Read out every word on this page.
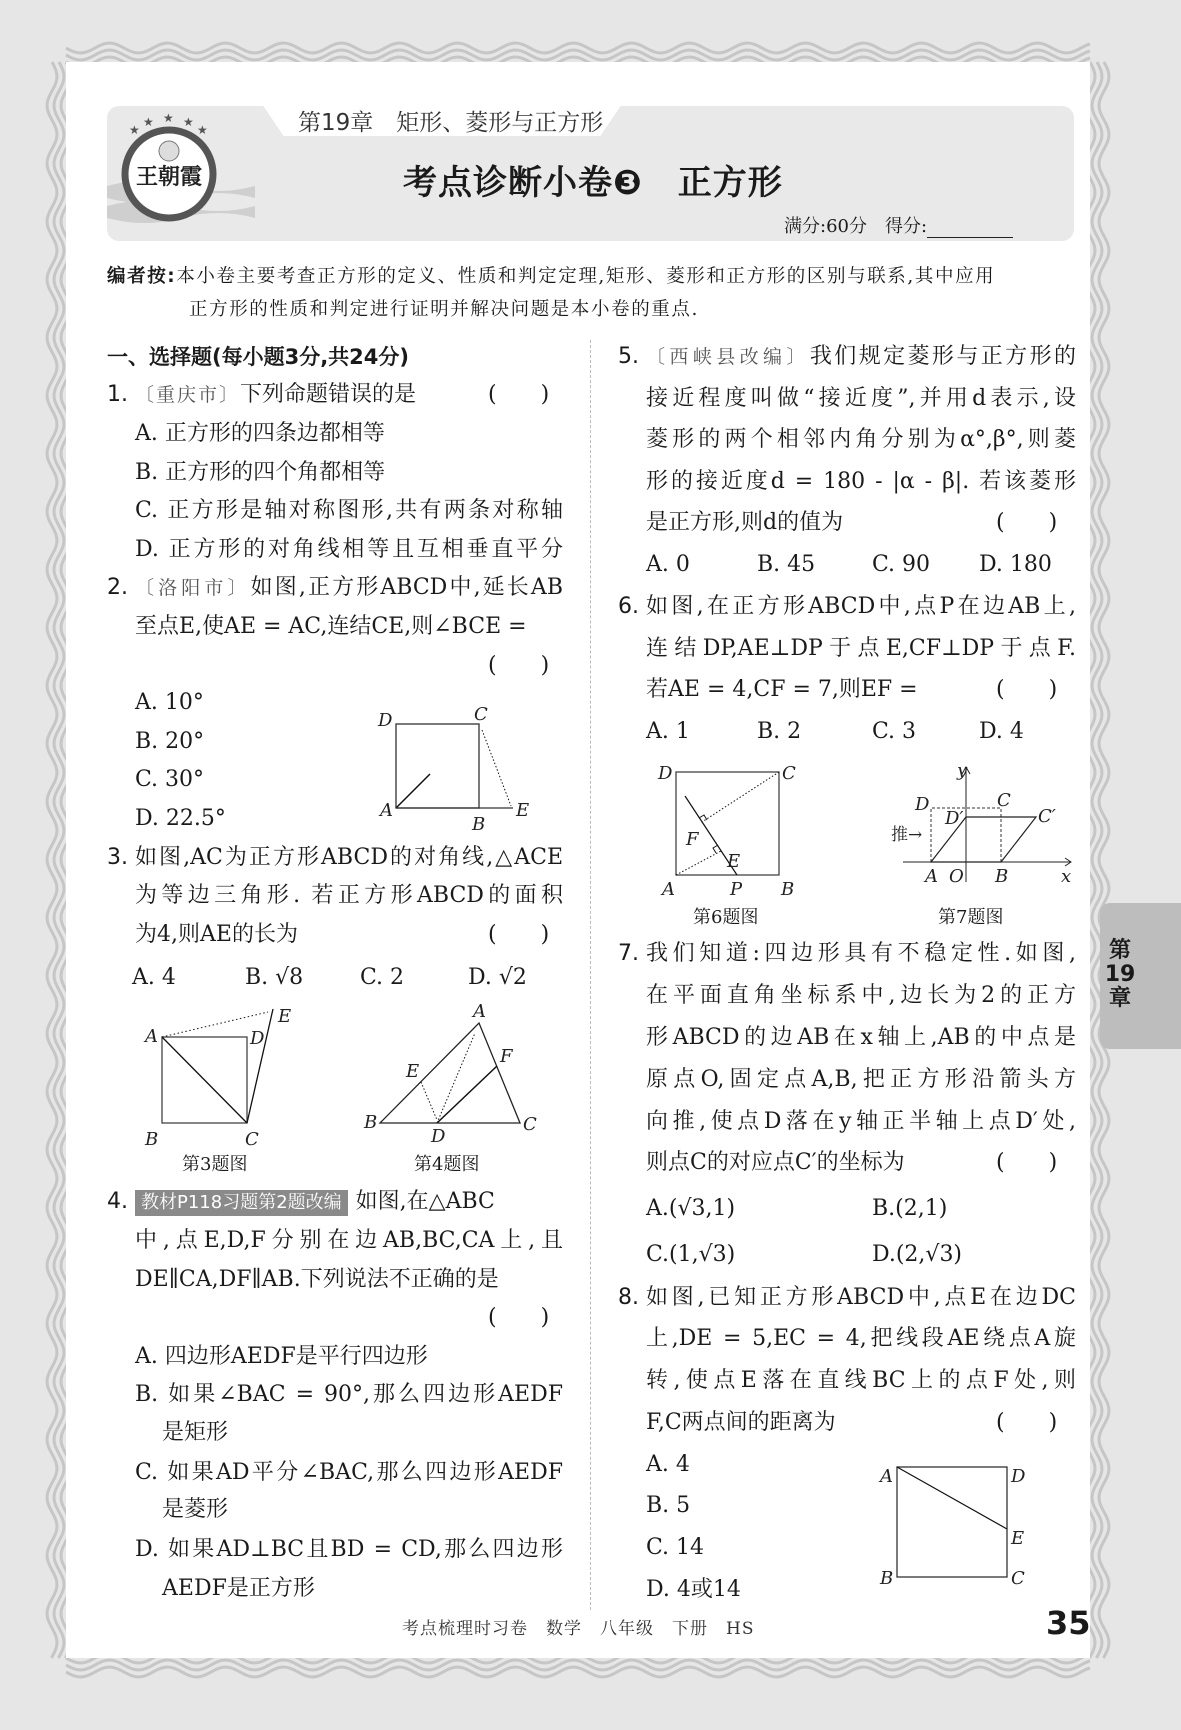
第19章　矩形、菱形与正方形
★
★ ★ ★
★
王朝霞	考点诊断小卷❸　正方形
满分:60分　得分:
编者按:本小卷主要考查正方形的定义、性质和判定定理,矩形、菱形和正方形的区别与联系,其中应用
正方形的性质和判定进行证明并解决问题是本小卷的重点.
一、选择题(每小题3分,共24分)
1. 〔重庆市〕下列命题错误的是	(　　)
A. 正方形的四条边都相等
B. 正方形的四个角都相等
C. 正方形是轴对称图形,共有两条对称轴
D. 正方形的对角线相等且互相垂直平分
2. 〔洛阳市〕如图,正方形ABCD中,延长AB
至点E,使AE = AC,连结CE,则∠BCE =
(　　)
A. 10°
B. 20°
C. 30°
D. 22.5°
D	C
A
B
E
3. 如图,AC为正方形ABCD的对角线,△ACE
为等边三角形. 若正方形ABCD的面积
为4,则AE的长为	(　　)
A. 4	B. √8	C. 2	D. √2
A	D
E
B	C
第3题图
A
E
F
B
D
C
第4题图
4. 教材P118习题第2题改编 如图,在△ABC
中,点E,D,F分别在边AB,BC,CA上,且
DE∥CA,DF∥AB.下列说法不正确的是
(　　)
A. 四边形AEDF是平行四边形
B. 如果∠BAC = 90°,那么四边形AEDF
是矩形
C. 如果AD平分∠BAC,那么四边形AEDF
是菱形
D. 如果AD⊥BC且BD = CD,那么四边形
AEDF是正方形
5. 〔西峡县改编〕我们规定菱形与正方形的
接近程度叫做“接近度”,并用d表示,设
菱形的两个相邻内角分别为α°,β°,则菱
形的接近度d = 180 - |α - β|. 若该菱形
是正方形,则d的值为	(　　)
A. 0	B. 45	C. 90 D. 180
6. 如图,在正方形ABCD中,点P在边AB上,
连结DP,AE⊥DP于点E,CF⊥DP于点F.
若AE = 4,CF = 7,则EF =	(　　)
A. 1	B. 2	C. 3	D. 4
D	C
F
E
A	P B
第6题图
y
D	C
D′	C′
推→
A O B	x
第7题图
7. 我们知道:四边形具有不稳定性.如图,
在平面直角坐标系中,边长为2的正方
形ABCD的边AB在x轴上,AB的中点是
原点O,固定点A,B,把正方形沿箭头方
向推,使点D落在y轴正半轴上点D′处,
则点C的对应点C′的坐标为	(　　)
A.(√3,1)	B.(2,1)
C.(1,√3)	D.(2,√3)
8. 如图,已知正方形ABCD中,点E在边DC
上,DE = 5,EC = 4,把线段AE绕点A旋
转,使点E落在直线BC上的点F处,则
F,C两点间的距离为	(　　)
A. 4
B. 5
C. 14
D. 4或14
A	D
E
B	C
考点梳理时习卷　数学　八年级　下册　HS	35
第
19
章
